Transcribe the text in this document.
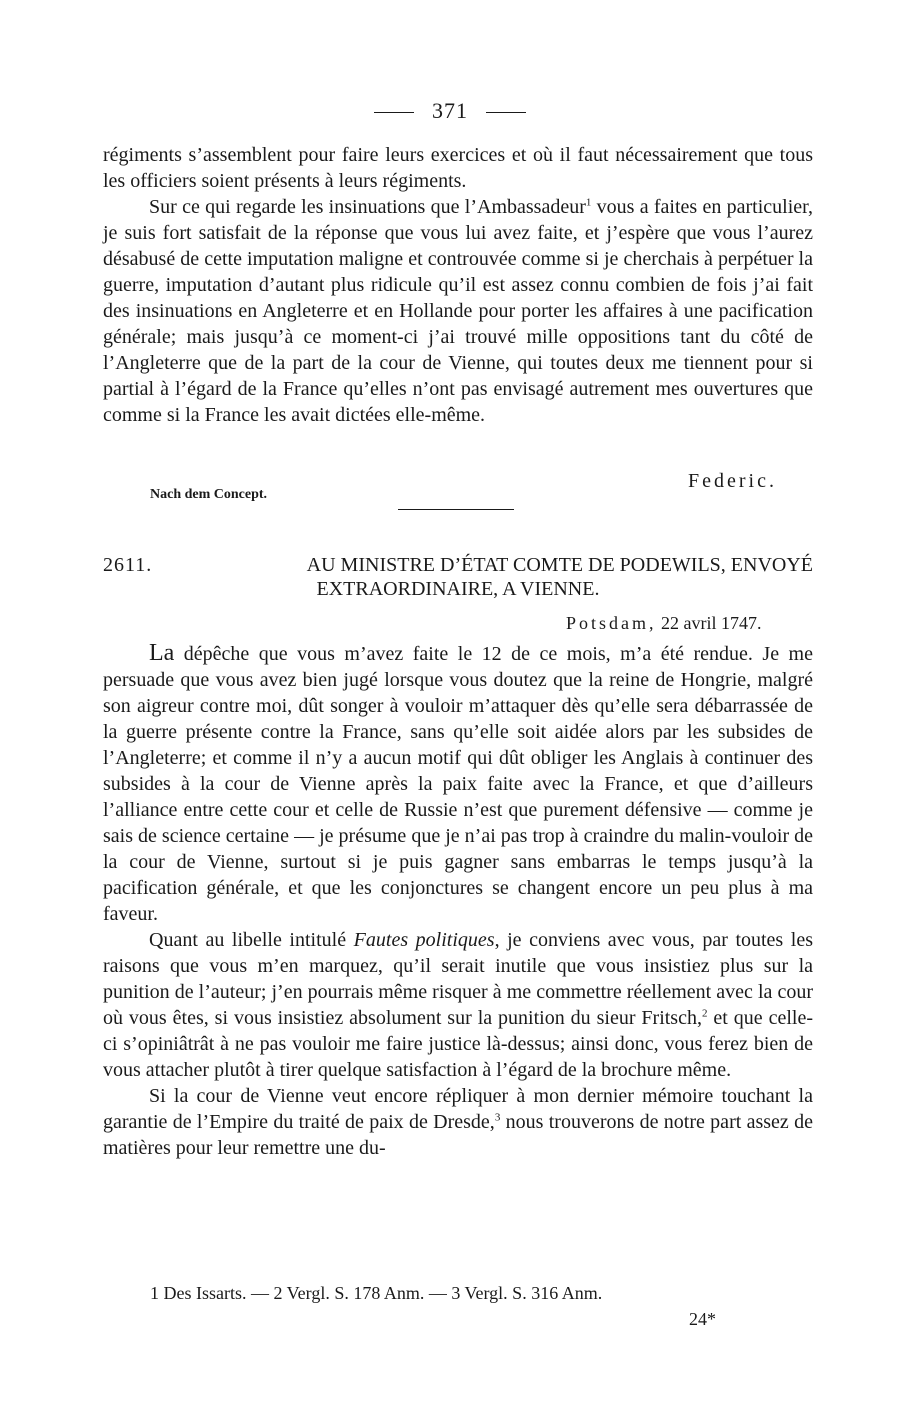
371

régiments s’assemblent pour faire leurs exercices et où il faut nécessairement que tous les officiers soient présents à leurs régiments.

Sur ce qui regarde les insinuations que l’Ambassadeur$^1$ vous a faites en particulier, je suis fort satisfait de la réponse que vous lui avez faite, et j’espère que vous l’aurez désabusé de cette imputation maligne et controuvée comme si je cherchais à perpétuer la guerre, imputation d’autant plus ridicule qu’il est assez connu combien de fois j’ai fait des insinuations en Angleterre et en Hollande pour porter les affaires à une pacification générale; mais jusqu’à ce moment-ci j’ai trouvé mille oppositions tant du côté de l’Angleterre que de la part de la cour de Vienne, qui toutes deux me tiennent pour si partial à l’égard de la France qu’elles n’ont pas envisagé autrement mes ouvertures que comme si la France les avait dictées elle-même.

Federic.
Nach dem Concept.
2611.	AU MINISTRE D’ÉTAT COMTE DE PODEWILS, ENVOYÉ
EXTRAORDINAIRE, A VIENNE.
Potsdam, 22 avril 1747.

La dépêche que vous m’avez faite le 12 de ce mois, m’a été rendue. Je me persuade que vous avez bien jugé lorsque vous doutez que la reine de Hongrie, malgré son aigreur contre moi, dût songer à vouloir m’attaquer dès qu’elle sera débarrassée de la guerre présente contre la France, sans qu’elle soit aidée alors par les subsides de l’Angleterre; et comme il n’y a aucun motif qui dût obliger les Anglais à continuer des subsides à la cour de Vienne après la paix faite avec la France, et que d’ailleurs l’alliance entre cette cour et celle de Russie n’est que purement défensive — comme je sais de science certaine — je présume que je n’ai pas trop à craindre du malin-vouloir de la cour de Vienne, surtout si je puis gagner sans embarras le temps jusqu’à la pacification générale, et que les conjonctures se changent encore un peu plus à ma faveur.

Quant au libelle intitulé Fautes politiques, je conviens avec vous, par toutes les raisons que vous m’en marquez, qu’il serait inutile que vous insistiez plus sur la punition de l’auteur; j’en pourrais même risquer à me commettre réellement avec la cour où vous êtes, si vous insistiez absolument sur la punition du sieur Fritsch,$^2$ et que celle-ci s’opiniâtrât à ne pas vouloir me faire justice là-dessus; ainsi donc, vous ferez bien de vous attacher plutôt à tirer quelque satisfaction à l’égard de la brochure même.

Si la cour de Vienne veut encore répliquer à mon dernier mémoire touchant la garantie de l’Empire du traité de paix de Dresde,$^3$ nous trouverons de notre part assez de matières pour leur remettre une du-

1 Des Issarts. — 2 Vergl. S. 178 Anm. — 3 Vergl. S. 316 Anm.
24*
